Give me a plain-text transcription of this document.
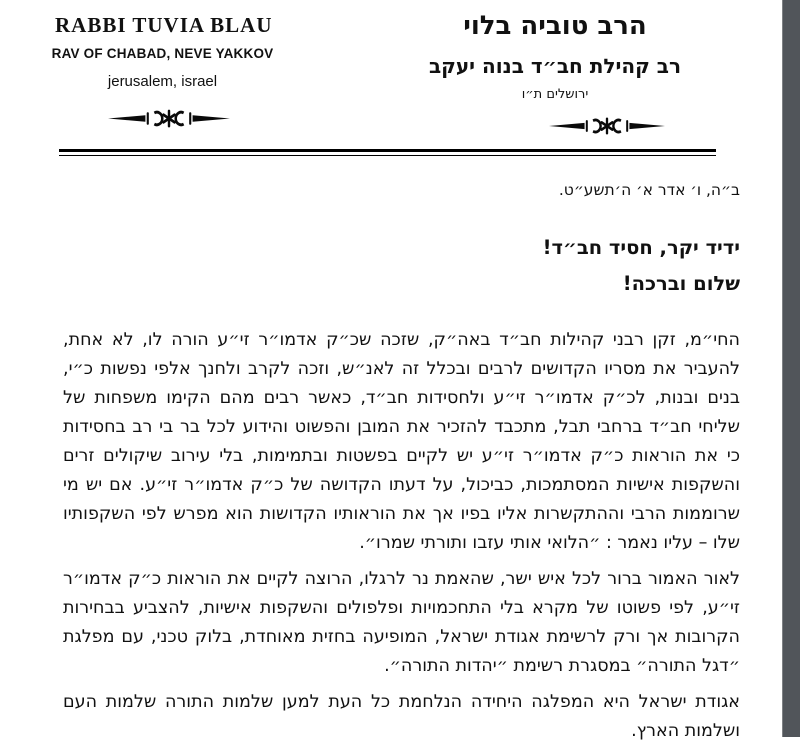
RABBI TUVIA BLAU
RAV OF CHABAD, NEVE YAKKOV
jerusalem, israel
הרב טוביה בלוי
רב קהילת חב״ד בנוה יעקב
ירושלים ת״ו
ב״ה, ו׳ אדר א׳ ה׳תשע״ט.
ידיד יקר, חסיד חב״ד!
שלום וברכה!

החי״מ, זקן רבני קהילות חב״ד באה״ק, שזכה שכ״ק אדמו״ר זי״ע הורה לו, לא אחת, להעביר את מסריו הקדושים לרבים ובכלל זה לאנ״ש, וזכה לקרב ולחנך אלפי נפשות כ״י, בנים ובנות, לכ״ק אדמו״ר זי״ע ולחסידות חב״ד, כאשר רבים מהם הקימו משפחות של שליחי חב״ד ברחבי תבל, מתכבד להזכיר את המובן והפשוט והידוע לכל בר בי רב בחסידות כי את הוראות כ״ק אדמו״ר זי״ע יש לקיים בפשטות ובתמימות, בלי עירוב שיקולים זרים והשקפות אישיות המסתמכות, כביכול, על דעתו הקדושה של כ״ק אדמו״ר זי״ע. אם יש מי שרוממות הרבי וההתקשרות אליו בפיו אך את הוראותיו הקדושות הוא מפרש לפי השקפותיו שלו – עליו נאמר : ״הלואי אותי עזבו ותורתי שמרו״.

לאור האמור ברור לכל איש ישר, שהאמת נר לרגלו, הרוצה לקיים את הוראות כ״ק אדמו״ר זי״ע, לפי פשוטו של מקרא בלי התחכמויות ופלפולים והשקפות אישיות, להצביע בבחירות הקרובות אך ורק לרשימת אגודת ישראל, המופיעה בחזית מאוחדת, בלוק טכני, עם מפלגת ״דגל התורה״ במסגרת רשימת ״יהדות התורה״.

אגודת ישראל היא המפלגה היחידה הנלחמת כל העת למען שלמות התורה שלמות העם ושלמות הארץ.
